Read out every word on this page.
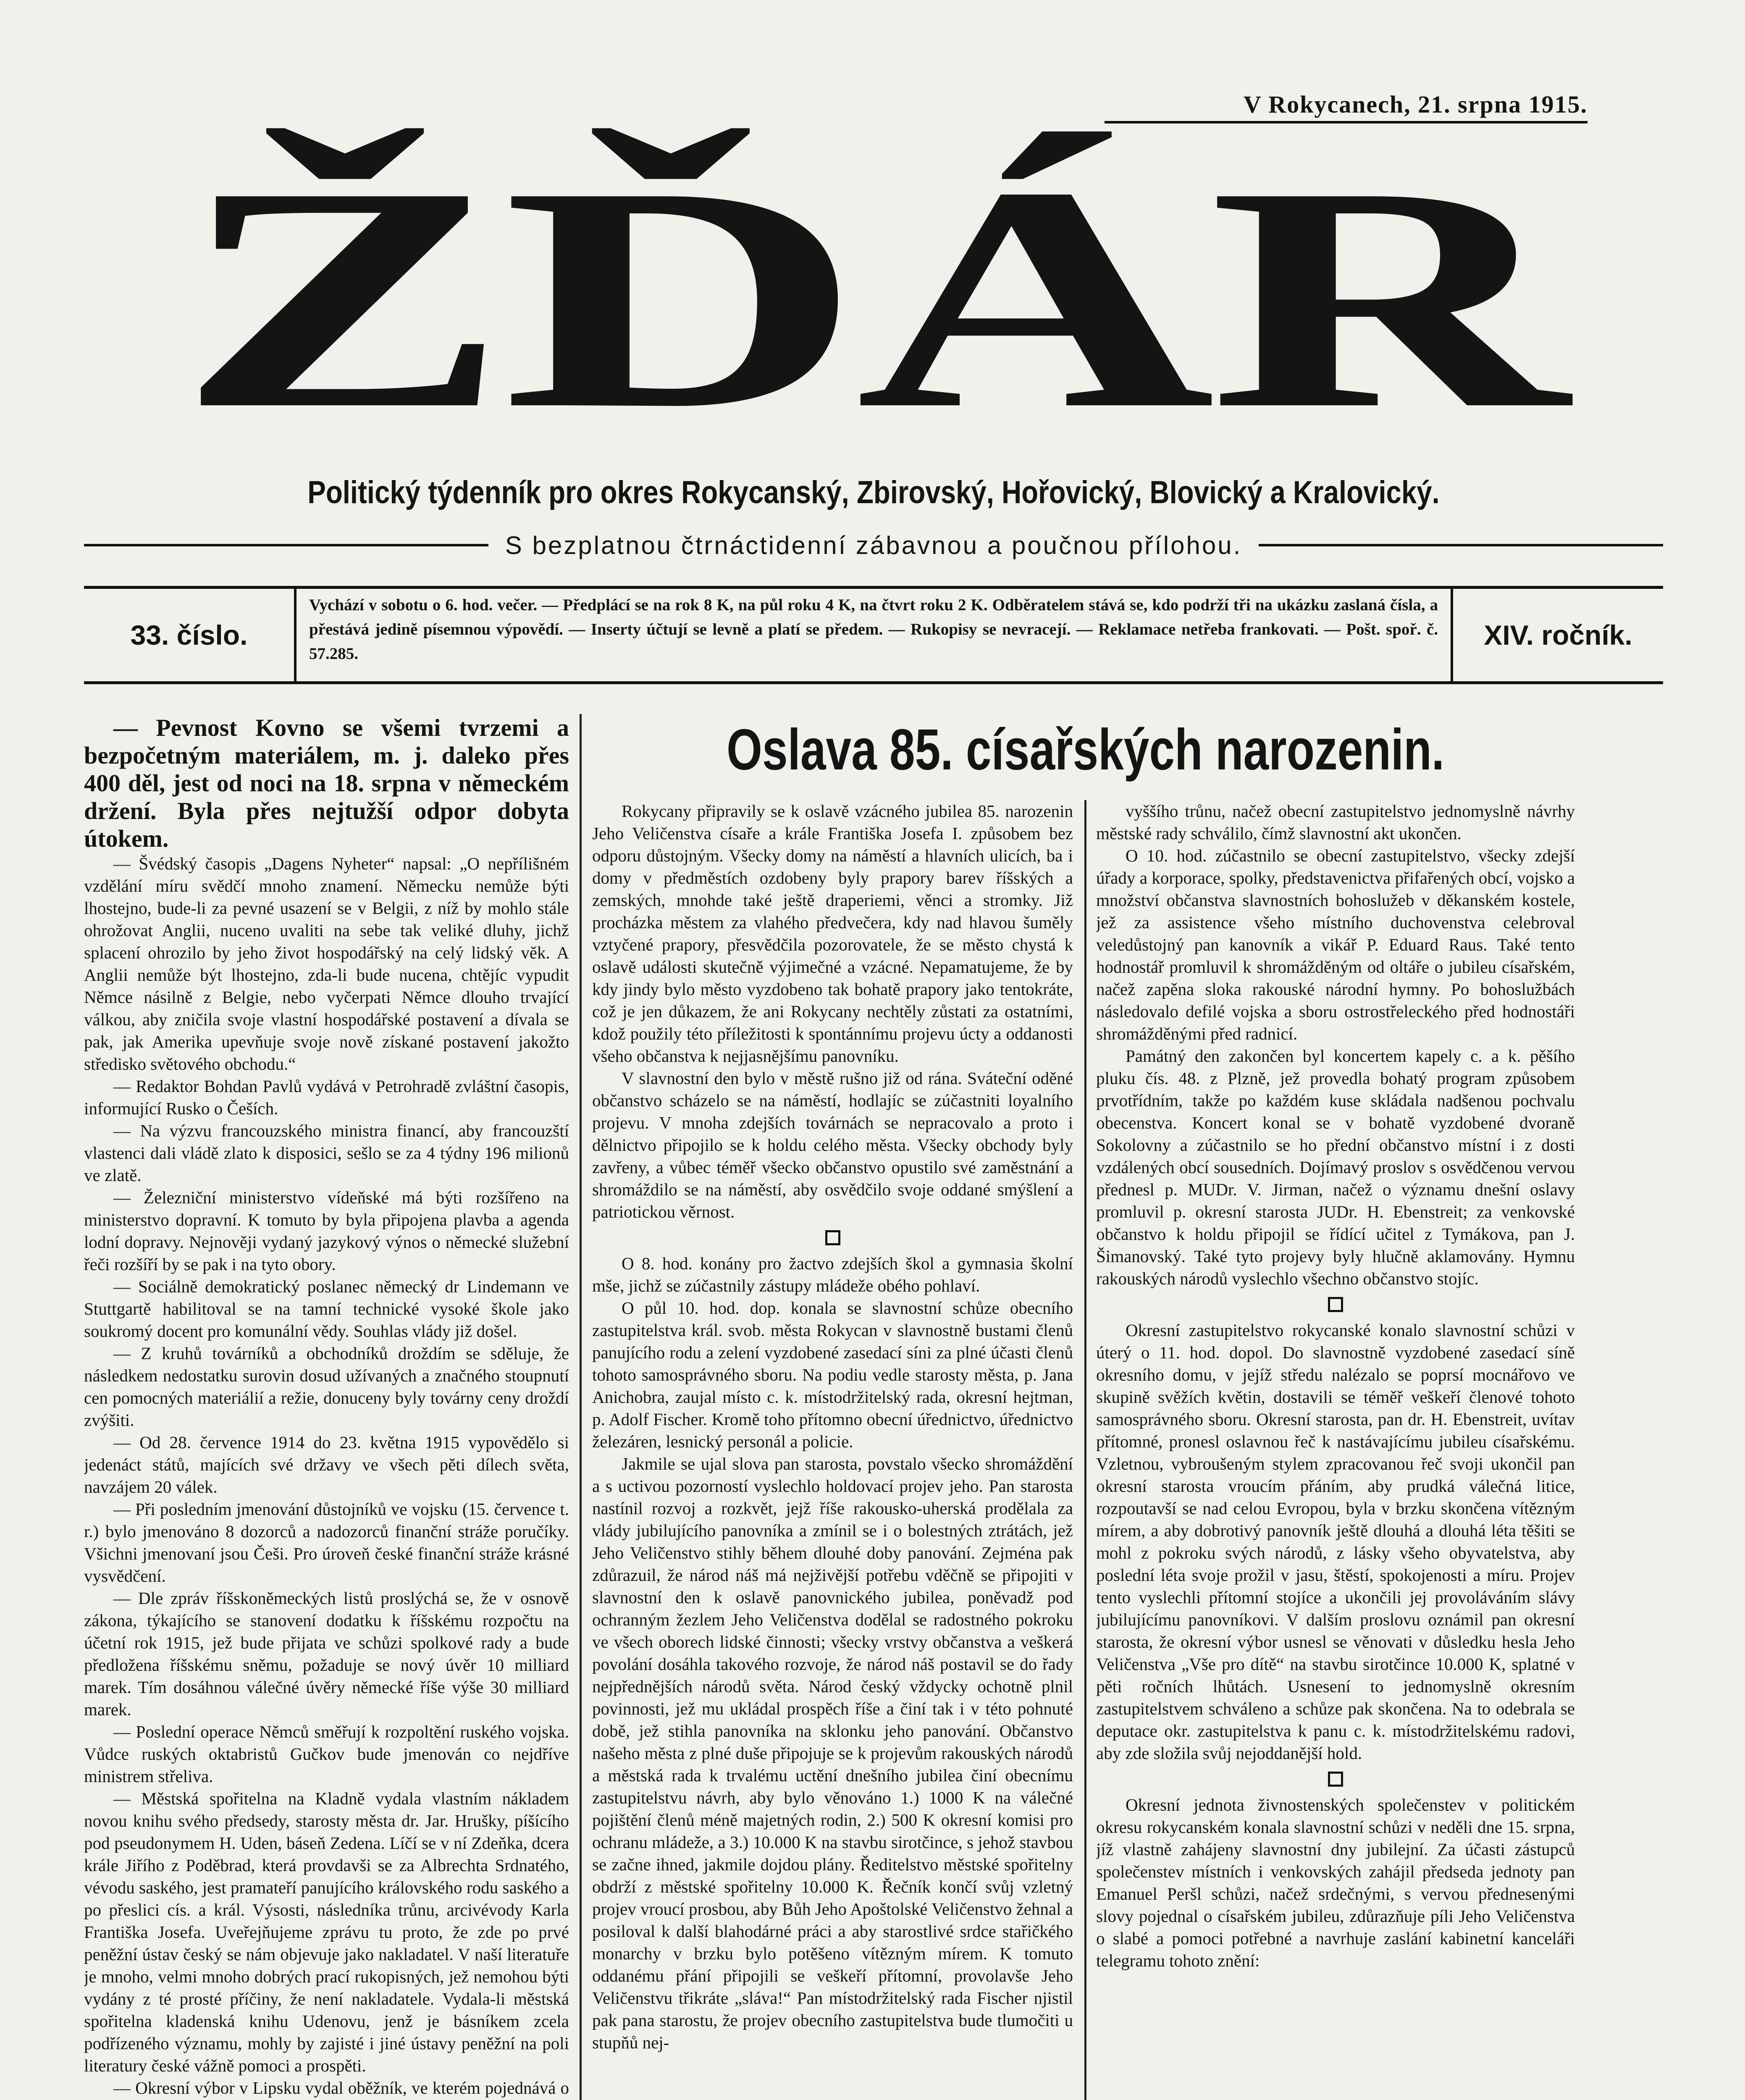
V Rokycanech, 21. srpna 1915.
ŽĎÁR
Politický týdenník pro okres Rokycanský, Zbirovský, Hořovický, Blovický a Kralovický.
S bezplatnou čtrnáctidenní zábavnou a poučnou přílohou.
33. číslo.
Vychází v sobotu o 6. hod. večer. — Předplácí se na rok 8 K, na půl roku 4 K, na čtvrt roku 2 K. Odběratelem stává se, kdo podrží tři na ukázku zaslaná čísla, a přestává jedině písemnou výpovědí. — Inserty účtují se levně a platí se předem. — Rukopisy se nevracejí. — Reklamace netřeba frankovati. — Pošt. spoř. č. 57.285.
XIV. ročník.
Oslava 85. císařských narozenin.

— Pevnost Kovno se všemi tvrzemi a bezpočetným materiálem, m. j. daleko přes 400 děl, jest od noci na 18. srpna v německém držení. Byla přes nejtužší odpor dobyta útokem.

— Švédský časopis „Dagens Nyheter“ napsal: „O nepřílišném vzdělání míru svědčí mnoho znamení. Německu nemůže býti lhostejno, bude-li za pevné usazení se v Belgii, z níž by mohlo stále ohrožovat Anglii, nuceno uvaliti na sebe tak veliké dluhy, jichž splacení ohrozilo by jeho život hospodářský na celý lidský věk. A Anglii nemůže být lhostejno, zda-li bude nucena, chtějíc vypudit Němce násilně z Belgie, nebo vyčerpati Němce dlouho trvající válkou, aby zničila svoje vlastní hospodářské postavení a dívala se pak, jak Amerika upevňuje svoje nově získané postavení jakožto středisko světového obchodu.“

— Redaktor Bohdan Pavlů vydává v Petrohradě zvláštní časopis, informující Rusko o Češích.

— Na výzvu francouzského ministra financí, aby francouzští vlastenci dali vládě zlato k disposici, sešlo se za 4 týdny 196 milionů ve zlatě.

— Železniční ministerstvo vídeňské má býti rozšířeno na ministerstvo dopravní. K tomuto by byla připojena plavba a agenda lodní dopravy. Nejnověji vydaný jazykový výnos o německé služební řeči rozšíří by se pak i na tyto obory.

— Sociálně demokratický poslanec německý dr Lindemann ve Stuttgartě habilitoval se na tamní technické vysoké škole jako soukromý docent pro komunální vědy. Souhlas vlády již došel.

— Z kruhů továrníků a obchodníků droždím se sděluje, že následkem nedostatku surovin dosud užívaných a značného stoupnutí cen pomocných materiálií a režie, donuceny byly továrny ceny droždí zvýšiti.

— Od 28. července 1914 do 23. května 1915 vypovědělo si jedenáct států, majících své državy ve všech pěti dílech světa, navzájem 20 válek.

— Při posledním jmenování důstojníků ve vojsku (15. července t. r.) bylo jmenováno 8 dozorců a nadozorců finanční stráže poručíky. Všichni jmenovaní jsou Češi. Pro úroveň české finanční stráže krásné vysvědčení.

— Dle zpráv říšskoněmeckých listů proslýchá se, že v osnově zákona, týkajícího se stanovení dodatku k říšskému rozpočtu na účetní rok 1915, jež bude přijata ve schůzi spolkové rady a bude předložena říšskému sněmu, požaduje se nový úvěr 10 milliard marek. Tím dosáhnou válečné úvěry německé říše výše 30 milliard marek.

— Poslední operace Němců směřují k rozpoltění ruského vojska. Vůdce ruských oktabristů Gučkov bude jmenován co nejdříve ministrem střeliva.

— Městská spořitelna na Kladně vydala vlastním nákladem novou knihu svého předsedy, starosty města dr. Jar. Hrušky, píšícího pod pseudonymem H. Uden, báseň Zedena. Líčí se v ní Zdeňka, dcera krále Jiřího z Poděbrad, která provdavši se za Albrechta Srdnatého, vévodu saského, jest pramateří panujícího královského rodu saského a po přeslici cís. a král. Výsosti, následníka trůnu, arcivévody Karla Františka Josefa. Uveřejňujeme zprávu tu proto, že zde po prvé peněžní ústav český se nám objevuje jako nakladatel. V naší literatuře je mnoho, velmi mnoho dobrých prací rukopisných, jež nemohou býti vydány z té prosté příčiny, že není nakladatele. Vydala-li městská spořitelna kladenská knihu Udenovu, jenž je básníkem zcela podřízeného významu, mohly by zajisté i jiné ústavy peněžní na poli literatury české vážně pomoci a prospěti.

— Okresní výbor v Lipsku vydal oběžník, ve kterém pojednává o

Rokycany připravily se k oslavě vzácného jubilea 85. narozenin Jeho Veličenstva císaře a krále Františka Josefa I. způsobem bez odporu důstojným. Všecky domy na náměstí a hlavních ulicích, ba i domy v předměstích ozdobeny byly prapory barev říšských a zemských, mnohde také ještě draperiemi, věnci a stromky. Již procházka městem za vlahého předvečera, kdy nad hlavou šuměly vztyčené prapory, přesvědčila pozorovatele, že se město chystá k oslavě události skutečně výjimečné a vzácné. Nepamatujeme, že by kdy jindy bylo město vyzdobeno tak bohatě prapory jako tentokráte, což je jen důkazem, že ani Rokycany nechtěly zůstati za ostatními, kdož použily této příležitosti k spontánnímu projevu úcty a oddanosti všeho občanstva k nejjasnějšímu panovníku.

V slavnostní den bylo v městě rušno již od rána. Sváteční oděné občanstvo scházelo se na náměstí, hodlajíc se zúčastniti loyalního projevu. V mnoha zdejších továrnách se nepracovalo a proto i dělnictvo připojilo se k holdu celého města. Všecky obchody byly zavřeny, a vůbec téměř všecko občanstvo opustilo své zaměstnání a shromáždilo se na náměstí, aby osvědčilo svoje oddané smýšlení a patriotickou věrnost.

O 8. hod. konány pro žactvo zdejších škol a gymnasia školní mše, jichž se zúčastnily zástupy mládeže obého pohlaví.

O půl 10. hod. dop. konala se slavnostní schůze obecního zastupitelstva král. svob. města Rokycan v slavnostně bustami členů panujícího rodu a zelení vyzdobené zasedací síni za plné účasti členů tohoto samosprávného sboru. Na podiu vedle starosty města, p. Jana Anichobra, zaujal místo c. k. místodržitelský rada, okresní hejtman, p. Adolf Fischer. Kromě toho přítomno obecní úřednictvo, úřednictvo železáren, lesnický personál a policie.

Jakmile se ujal slova pan starosta, povstalo všecko shromáždění a s uctivou pozorností vyslechlo holdovací projev jeho. Pan starosta nastínil rozvoj a rozkvět, jejž říše rakousko-uherská prodělala za vlády jubilujícího panovníka a zmínil se i o bolestných ztrátách, jež Jeho Veličenstvo stihly během dlouhé doby panování. Zejména pak zdůrazuil, že národ náš má nejživější potřebu vděčně se připojiti v slavnostní den k oslavě panovnického jubilea, poněvadž pod ochranným žezlem Jeho Veličenstva dodělal se radostného pokroku ve všech oborech lidské činnosti; všecky vrstvy občanstva a veškerá povolání dosáhla takového rozvoje, že národ náš postavil se do řady nejpřednějších národů světa. Národ český vždycky ochotně plnil povinnosti, jež mu ukládal prospěch říše a činí tak i v této pohnuté době, jež stihla panovníka na sklonku jeho panování. Občanstvo našeho města z plné duše připojuje se k projevům rakouských národů a městská rada k trvalému uctění dnešního jubilea činí obecnímu zastupitelstvu návrh, aby bylo věnováno 1.) 1000 K na válečné pojištění členů méně majetných rodin, 2.) 500 K okresní komisi pro ochranu mládeže, a 3.) 10.000 K na stavbu sirotčince, s jehož stavbou se začne ihned, jakmile dojdou plány. Ředitelstvo městské spořitelny obdrží z městské spořitelny 10.000 K. Řečník končí svůj vzletný projev vroucí prosbou, aby Bůh Jeho Apoštolské Veličenstvo žehnal a posiloval k další blahodárné práci a aby starostlivé srdce stařičkého monarchy v brzku bylo potěšeno vítězným mírem. K tomuto oddanému přání připojili se veškeří přítomní, provolavše Jeho Veličenstvu třikráte „sláva!“ Pan místodržitelský rada Fischer njistil pak pana starostu, že projev obecního zastupitelstva bude tlumočiti u stupňů nej-

vyššího trůnu, načež obecní zastupitelstvo jednomyslně návrhy městské rady schválilo, čímž slavnostní akt ukončen.

O 10. hod. zúčastnilo se obecní zastupitelstvo, všecky zdejší úřady a korporace, spolky, představenictva přifařených obcí, vojsko a množství občanstva slavnostních bohoslužeb v děkanském kostele, jež za assistence všeho místního duchovenstva celebroval veledůstojný pan kanovník a vikář P. Eduard Raus. Také tento hodnostář promluvil k shromážděným od oltáře o jubileu císařském, načež zapěna sloka rakouské národní hymny. Po bohoslužbách následovalo defilé vojska a sboru ostrostřeleckého před hodnostáři shromážděnými před radnicí.

Památný den zakončen byl koncertem kapely c. a k. pěšího pluku čís. 48. z Plzně, jež provedla bohatý program způsobem prvotřídním, takže po každém kuse skládala nadšenou pochvalu obecenstva. Koncert konal se v bohatě vyzdobené dvoraně Sokolovny a zúčastnilo se ho přední občanstvo místní i z dosti vzdálených obcí sousedních. Dojímavý proslov s osvědčenou vervou přednesl p. MUDr. V. Jirman, načež o významu dnešní oslavy promluvil p. okresní starosta JUDr. H. Ebenstreit; za venkovské občanstvo k holdu připojil se řídící učitel z Tymákova, pan J. Šimanovský. Také tyto projevy byly hlučně aklamovány. Hymnu rakouských národů vyslechlo všechno občanstvo stojíc.

Okresní zastupitelstvo rokycanské konalo slavnostní schůzi v úterý o 11. hod. dopol. Do slavnostně vyzdobené zasedací síně okresního domu, v jejíž středu nalézalo se poprsí mocnářovo ve skupině svěžích květin, dostavili se téměř veškeří členové tohoto samosprávného sboru. Okresní starosta, pan dr. H. Ebenstreit, uvítav přítomné, pronesl oslavnou řeč k nastávajícímu jubileu císařskému. Vzletnou, vybroušeným stylem zpracovanou řeč svoji ukončil pan okresní starosta vroucím přáním, aby prudká válečná litice, rozpoutavší se nad celou Evropou, byla v brzku skončena vítězným mírem, a aby dobrotivý panovník ještě dlouhá a dlouhá léta těšiti se mohl z pokroku svých národů, z lásky všeho obyvatelstva, aby poslední léta svoje prožil v jasu, štěstí, spokojenosti a míru. Projev tento vyslechli přítomní stojíce a ukončili jej provoláváním slávy jubilujícímu panovníkovi. V dalším proslovu oznámil pan okresní starosta, že okresní výbor usnesl se věnovati v důsledku hesla Jeho Veličenstva „Vše pro dítě“ na stavbu sirotčince 10.000 K, splatné v pěti ročních lhůtách. Usnesení to jednomyslně okresním zastupitelstvem schváleno a schůze pak skončena. Na to odebrala se deputace okr. zastupitelstva k panu c. k. místodržitelskému radovi, aby zde složila svůj nejoddanější hold.

Okresní jednota živnostenských společenstev v politickém okresu rokycanském konala slavnostní schůzi v neděli dne 15. srpna, jíž vlastně zahájeny slavnostní dny jubilejní. Za účasti zástupců společenstev místních i venkovských zahájil předseda jednoty pan Emanuel Peršl schůzi, načež srdečnými, s vervou přednesenými slovy pojednal o císařském jubileu, zdůrazňuje píli Jeho Veličenstva o slabé a pomoci potřebné a navrhuje zaslání kabinetní kanceláři telegramu tohoto znění:
